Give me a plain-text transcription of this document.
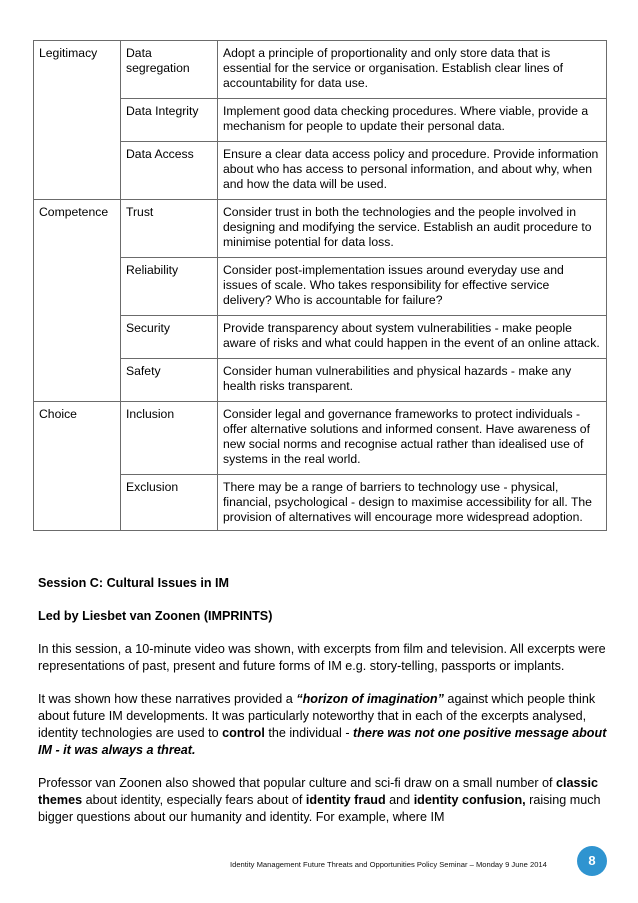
Legitimacy	Data segregation	Adopt a principle of proportionality and only store data that is essential for the service or organisation. Establish clear lines of accountability for data use.
	Data Integrity	Implement good data checking procedures. Where viable, provide a mechanism for people to update their personal data.
	Data Access	Ensure a clear data access policy and procedure. Provide information about who has access to personal information, and about why, when and how the data will be used.
Competence	Trust	Consider trust in both the technologies and the people involved in designing and modifying the service. Establish an audit procedure to minimise potential for data loss.
	Reliability	Consider post-implementation issues around everyday use and issues of scale. Who takes responsibility for effective service delivery? Who is accountable for failure?
	Security	Provide transparency about system vulnerabilities - make people aware of risks and what could happen in the event of an online attack.
	Safety	Consider human vulnerabilities and physical hazards - make any health risks transparent.
Choice	Inclusion	Consider legal and governance frameworks to protect individuals - offer alternative solutions and informed consent. Have awareness of new social norms and recognise actual rather than idealised use of systems in the real world.
	Exclusion	There may be a range of barriers to technology use - physical, financial, psychological - design to maximise accessibility for all. The provision of alternatives will encourage more widespread adoption.

Session C: Cultural Issues in IM

Led by Liesbet van Zoonen (IMPRINTS)

In this session, a 10-minute video was shown, with excerpts from film and television. All excerpts were representations of past, present and future forms of IM e.g. story-telling, passports or implants.

It was shown how these narratives provided a “horizon of imagination” against which people think about future IM developments. It was particularly noteworthy that in each of the excerpts analysed, identity technologies are used to control the individual - there was not one positive message about IM - it was always a threat.

Professor van Zoonen also showed that popular culture and sci-fi draw on a small number of classic themes about identity, especially fears about of identity fraud and identity confusion, raising much bigger questions about our humanity and identity. For example, where IM

Identity Management Future Threats and Opportunities Policy Seminar – Monday 9 June 2014	8
